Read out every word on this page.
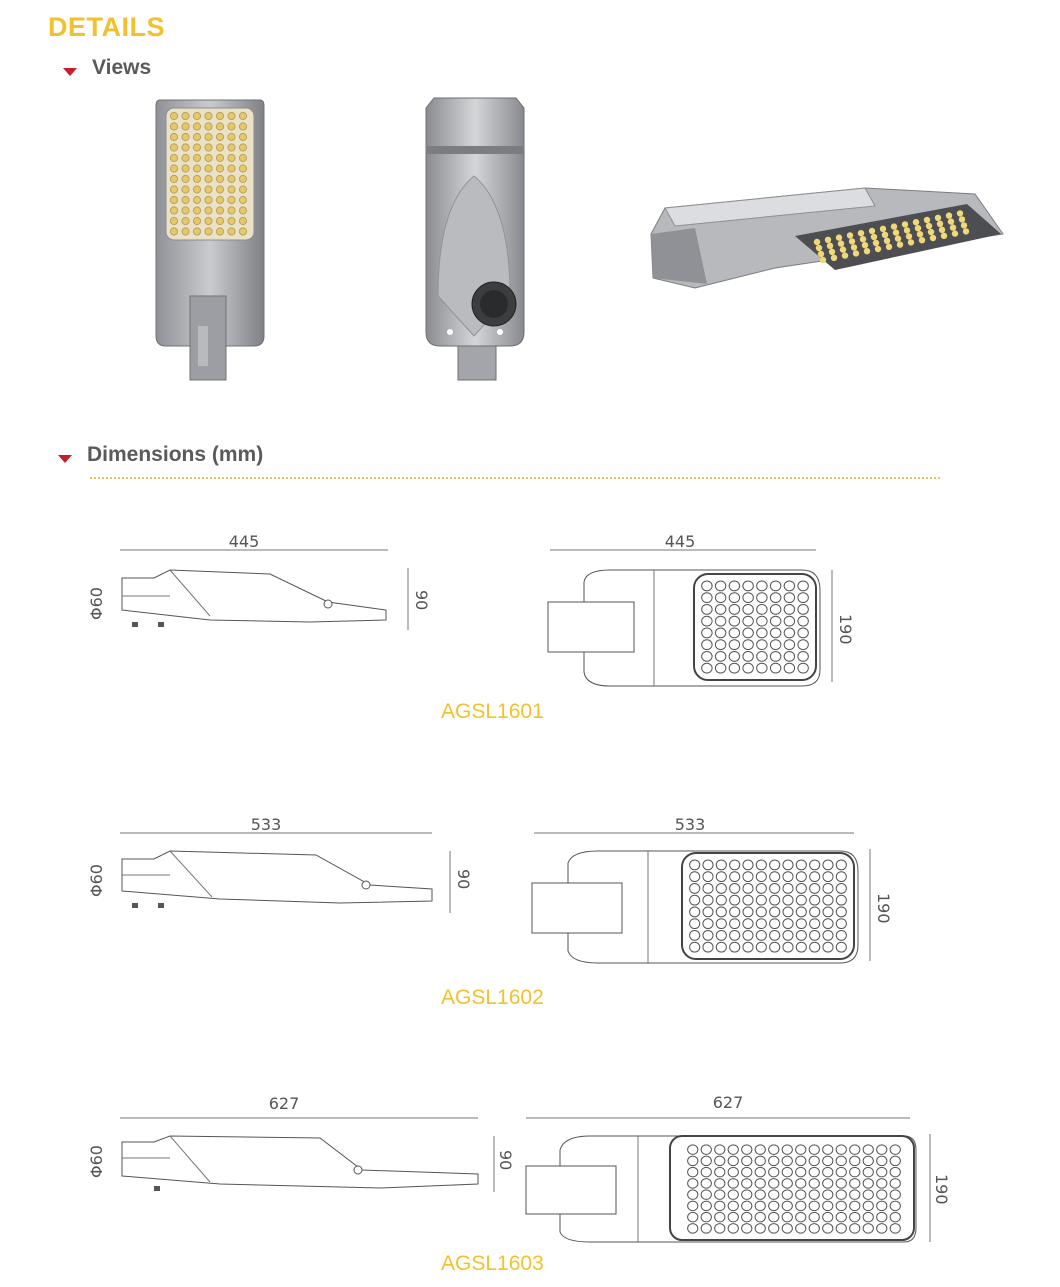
DETAILS
Views
Dimensions (mm)
445
90
Φ60
445
190
AGSL1601
533
90
Φ60
533
190
AGSL1602
627
90
Φ60
627
190
AGSL1603
